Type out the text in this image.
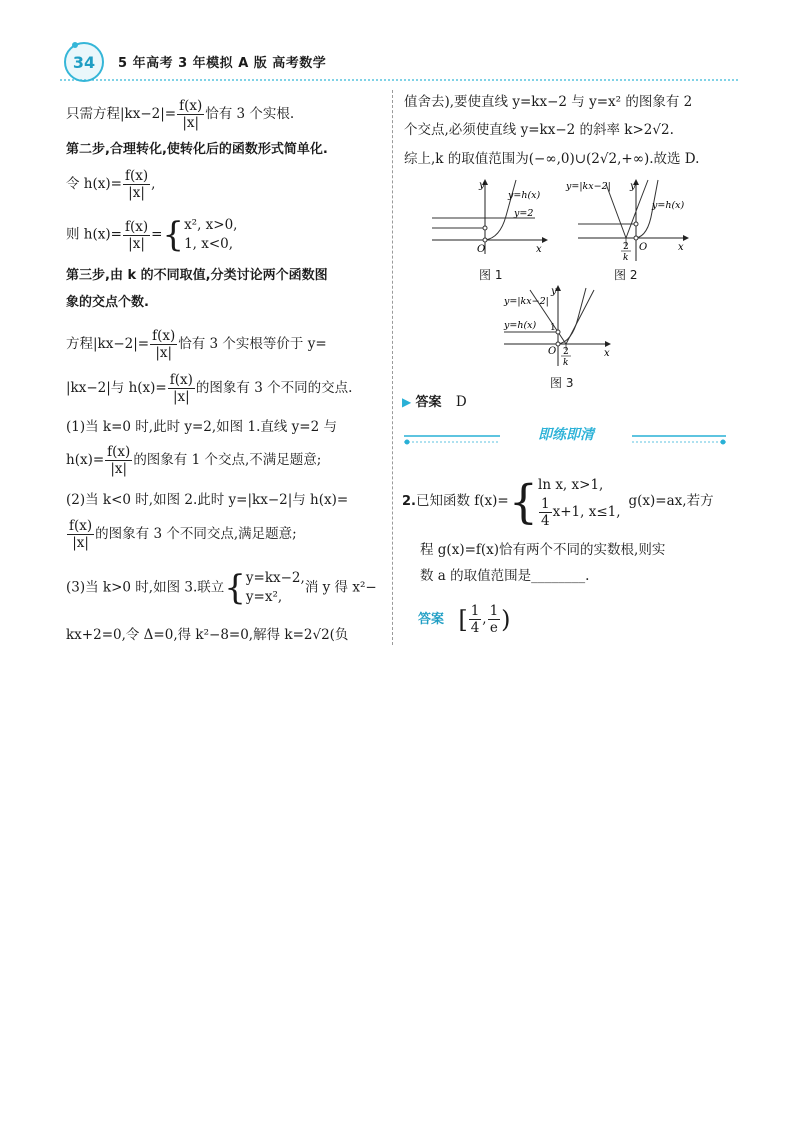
34 5 年高考 3 年模拟 A 版 高考数学
只需方程$|kx-2|= \frac{f(x)}{|x|}$ 恰有 3 个实根.
第二步,合理转化,使转化后的函数形式简单化.
令 $h(x)= \frac{f(x)}{|x|}$ ,
则 $h(x)= \frac{f(x)}{|x|}$ ={ x², x>0,
1, x<0,
第三步,由 k 的不同取值,分类讨论两个函数图
象的交点个数.
方程$|kx-2|= \frac{f(x)}{|x|}$ 恰有 3 个实根等价于 y=
|kx−2|与 $h(x)= \frac{f(x)}{|x|}$ 的图象有 3 个不同的交点.
(1)当 k=0 时,此时 y=2,如图 1.直线 y=2 与
$h(x)= \frac{f(x)}{|x|}$ 的图象有 1 个交点,不满足题意;
(2)当 k<0 时,如图 2.此时 y=|kx−2|与 h(x)=
$\frac{f(x)}{|x|}$ 的图象有 3 个不同交点,满足题意;
(3)当 k>0 时,如图 3.联立{ y=kx−2,
y=x²,
消 y 得 x²−
kx+2=0,令 Δ=0,得 k²−8=0,解得 k=2√2(负
值舍去),要使直线 y=kx−2 与 y=x² 的图象有 2
个交点,必须使直线 y=kx−2 的斜率 k>2√2.
综上,k 的取值范围为(−∞,0)∪(2√2,+∞).故选 D.
y
x
O
y=h(x)
y=2
图 1
y
x
O
y=|kx−2|
y=h(x)
2
k
图 2
y
x
O
y=|kx−2|
y=h(x) 1
2
k
图 3
▶ 答案 D
即练即清
2.已知函数 f(x)={ ln x, x>1,
$\frac{1}{4} x+1$, x≤1,
g(x)=ax,若方
程 g(x)=f(x)恰有两个不同的实数根,则实
数 a 的取值范围是________.
答案 [ $\frac{1}{4}$ , $\frac{1}{e}$ )
